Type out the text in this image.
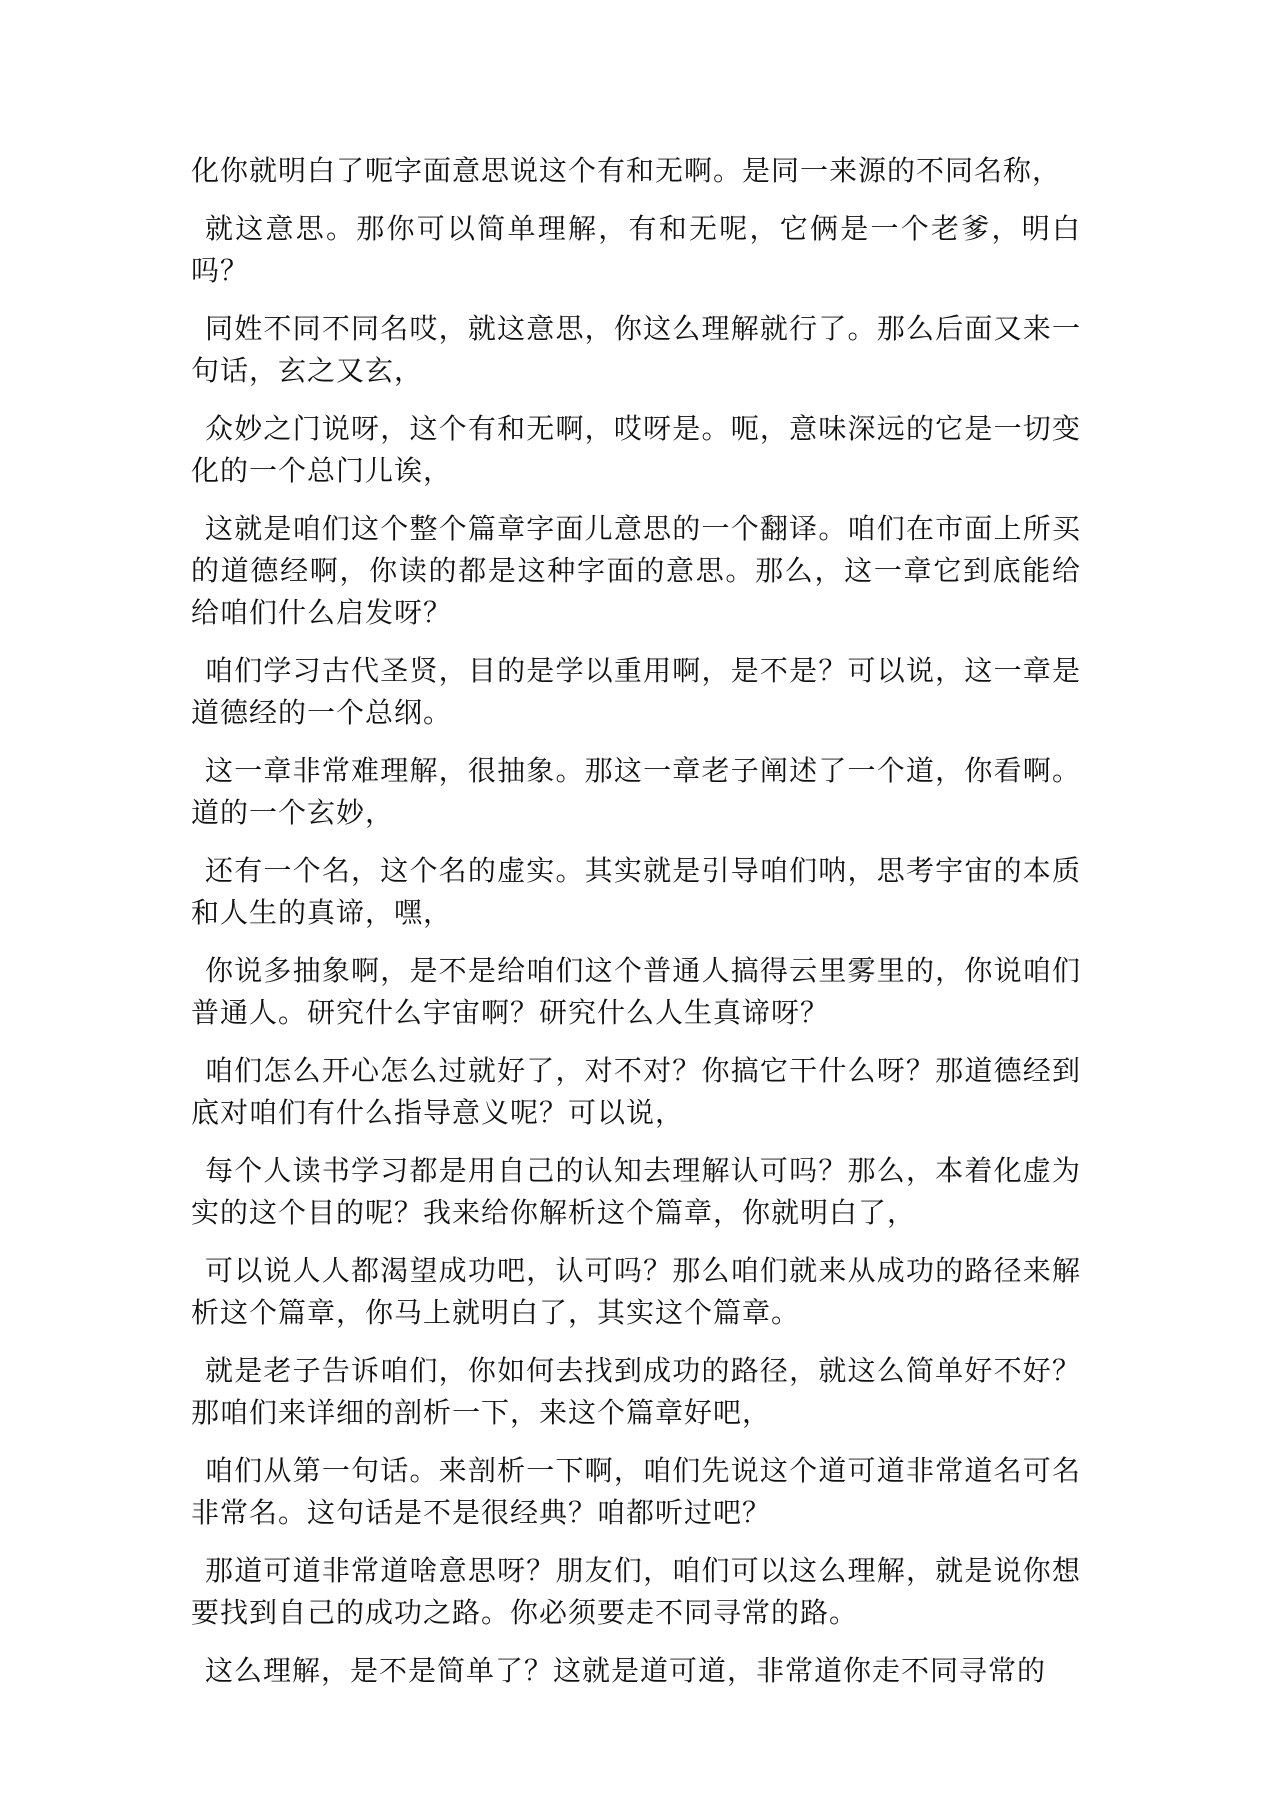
化你就明白了呃字面意思说这个有和无啊。是同一来源的不同名称，

就这意思。那你可以简单理解，有和无呢，它俩是一个老爹，明白吗？

同姓不同不同名哎，就这意思，你这么理解就行了。那么后面又来一句话，玄之又玄，

众妙之门说呀，这个有和无啊，哎呀是。呃，意味深远的它是一切变化的一个总门儿诶，

这就是咱们这个整个篇章字面儿意思的一个翻译。咱们在市面上所买的道德经啊，你读的都是这种字面的意思。那么，这一章它到底能给给咱们什么启发呀？

咱们学习古代圣贤，目的是学以重用啊，是不是？可以说，这一章是道德经的一个总纲。

这一章非常难理解，很抽象。那这一章老子阐述了一个道，你看啊。道的一个玄妙，

还有一个名，这个名的虚实。其实就是引导咱们呐，思考宇宙的本质和人生的真谛，嘿，

你说多抽象啊，是不是给咱们这个普通人搞得云里雾里的，你说咱们普通人。研究什么宇宙啊？研究什么人生真谛呀？

咱们怎么开心怎么过就好了，对不对？你搞它干什么呀？那道德经到底对咱们有什么指导意义呢？可以说，

每个人读书学习都是用自己的认知去理解认可吗？那么，本着化虚为实的这个目的呢？我来给你解析这个篇章，你就明白了，

可以说人人都渴望成功吧，认可吗？那么咱们就来从成功的路径来解析这个篇章，你马上就明白了，其实这个篇章。

就是老子告诉咱们，你如何去找到成功的路径，就这么简单好不好？那咱们来详细的剖析一下，来这个篇章好吧，

咱们从第一句话。来剖析一下啊，咱们先说这个道可道非常道名可名非常名。这句话是不是很经典？咱都听过吧？

那道可道非常道啥意思呀？朋友们，咱们可以这么理解，就是说你想要找到自己的成功之路。你必须要走不同寻常的路。

这么理解，是不是简单了？这就是道可道，非常道你走不同寻常的
